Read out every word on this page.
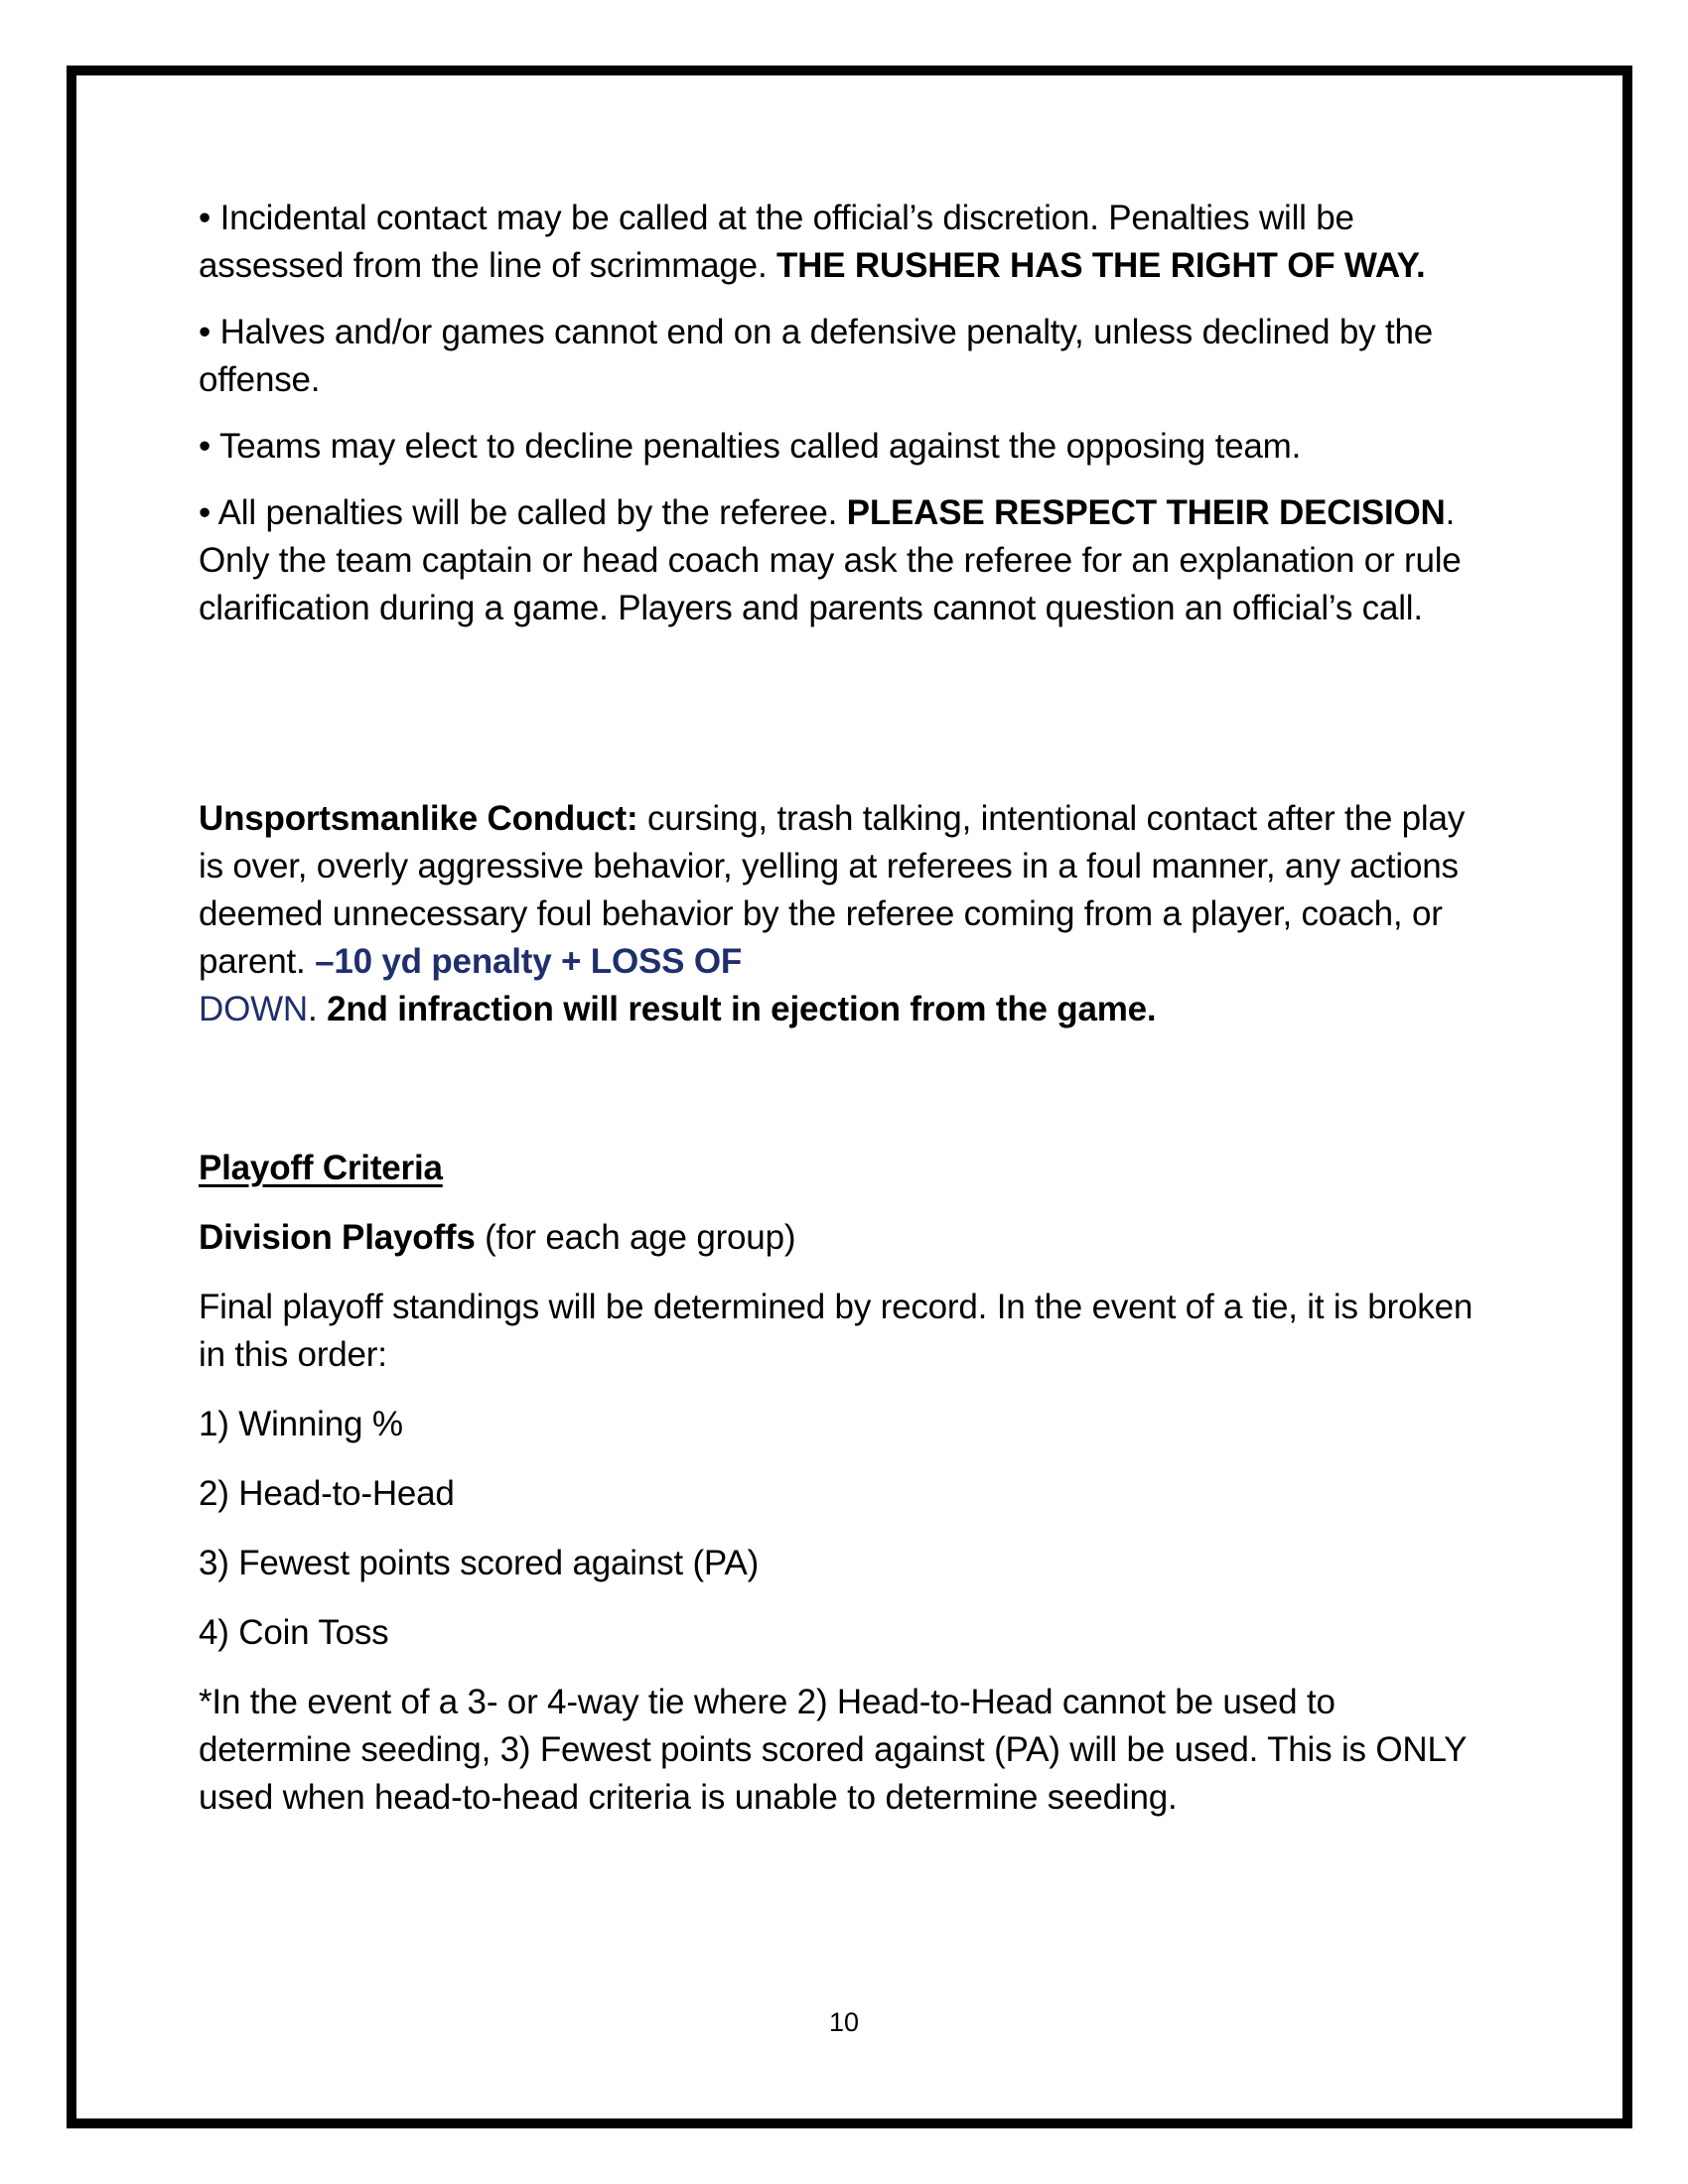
• Incidental contact may be called at the official’s discretion. Penalties will be assessed from the line of scrimmage. THE RUSHER HAS THE RIGHT OF WAY.

• Halves and/or games cannot end on a defensive penalty, unless declined by the offense.

• Teams may elect to decline penalties called against the opposing team.

• All penalties will be called by the referee. PLEASE RESPECT THEIR DECISION. Only the team captain or head coach may ask the referee for an explanation or rule clarification during a game. Players and parents cannot question an official’s call.

Unsportsmanlike Conduct: cursing, trash talking, intentional contact after the play is over, overly aggressive behavior, yelling at referees in a foul manner, any actions deemed unnecessary foul behavior by the referee coming from a player, coach, or parent. –10 yd penalty + LOSS OF
DOWN. 2nd infraction will result in ejection from the game.

Playoff Criteria

Division Playoffs (for each age group)

Final playoff standings will be determined by record. In the event of a tie, it is broken in this order:

1) Winning %

2) Head-to-Head

3) Fewest points scored against (PA)

4) Coin Toss

*In the event of a 3- or 4-way tie where 2) Head-to-Head cannot be used to determine seeding, 3) Fewest points scored against (PA) will be used. This is ONLY used when head-to-head criteria is unable to determine seeding.

10
